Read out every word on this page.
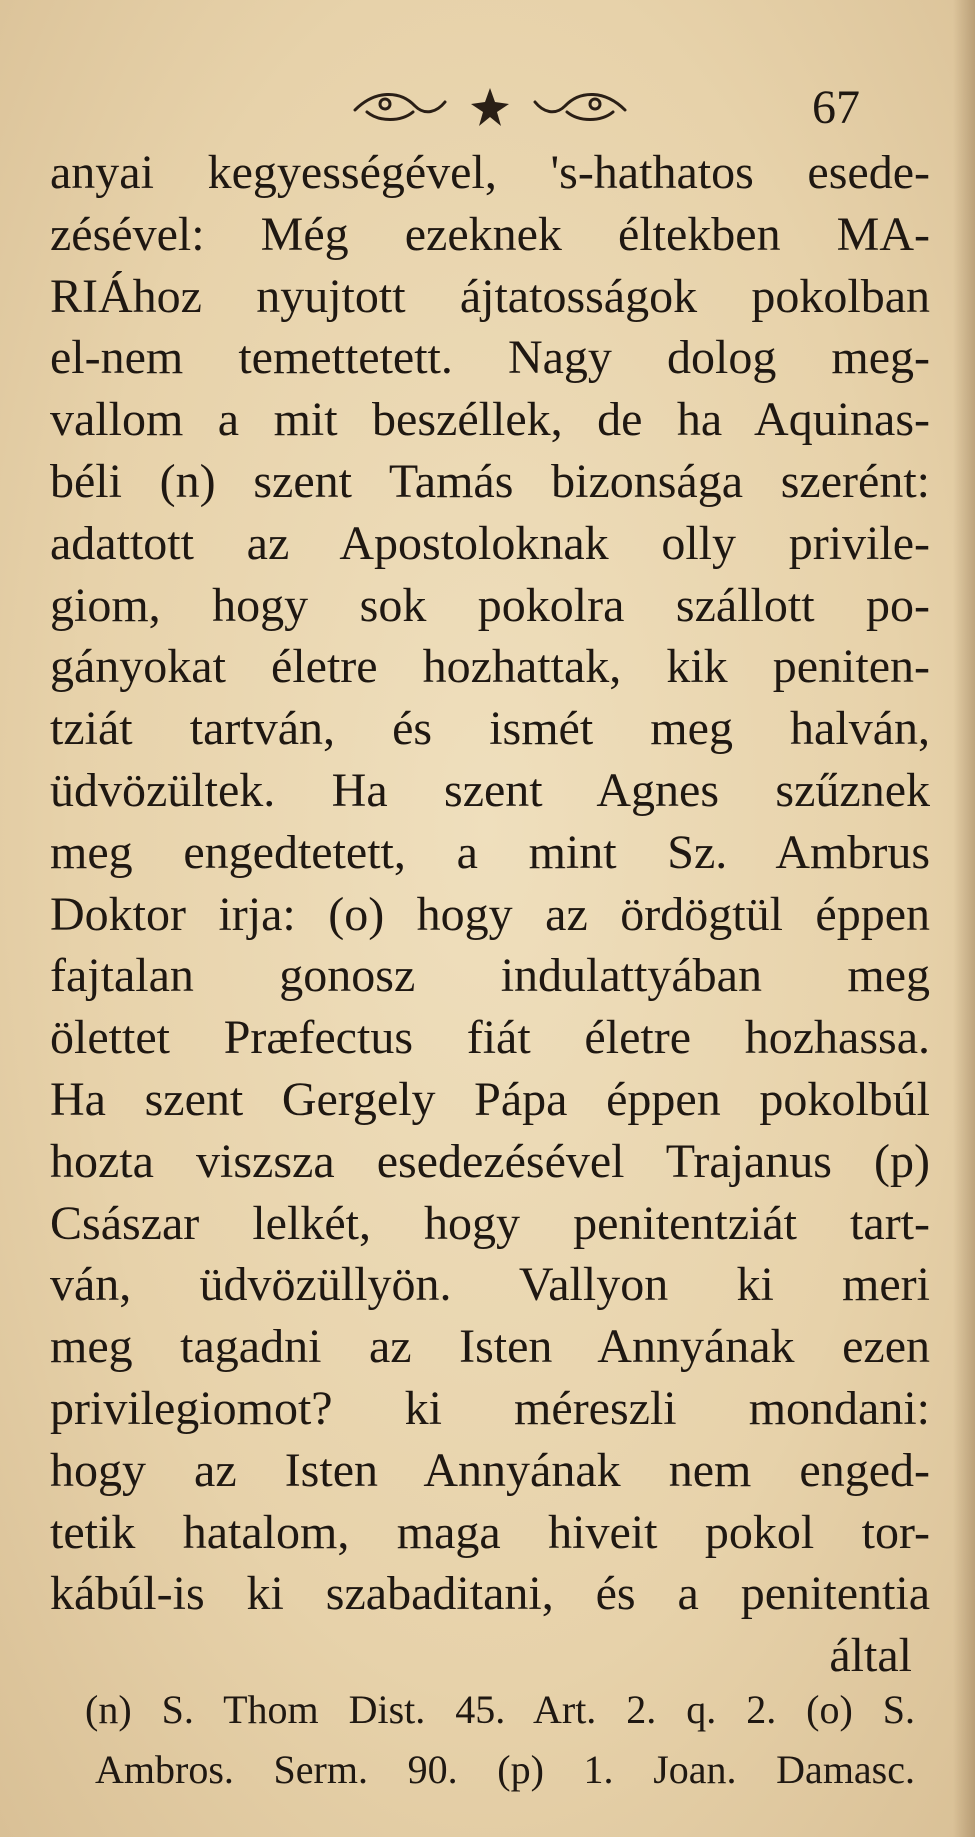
67
anyai kegyességével, 's-hathatos esede-
zésével: Még ezeknek éltekben MA-
RIÁhoz nyujtott ájtatosságok pokolban
el-nem temettetett. Nagy dolog meg-
vallom a mit beszéllek, de ha Aquinas-
béli (n) szent Tamás bizonsága szerént:
adattott az Apostoloknak olly privile-
giom, hogy sok pokolra szállott po-
gányokat életre hozhattak, kik peniten-
tziát tartván, és ismét meg halván,
üdvözültek. Ha szent Agnes szűznek
meg engedtetett, a mint Sz. Ambrus
Doktor irja: (o) hogy az ördögtül éppen
fajtalan gonosz indulattyában meg
ölettet Præfectus fiát életre hozhassa.
Ha szent Gergely Pápa éppen pokolbúl
hozta viszsza esedezésével Trajanus (p)
Császar lelkét, hogy penitentziát tart-
ván, üdvözüllyön. Vallyon ki meri
meg tagadni az Isten Annyának ezen
privilegiomot? ki méreszli mondani:
hogy az Isten Annyának nem enged-
tetik hatalom, maga hiveit pokol tor-
kábúl-is ki szabaditani, és a penitentia
által
(n) S. Thom Dist. 45. Art. 2. q. 2. (o) S.
Ambros. Serm. 90. (p) 1. Joan. Damasc.
